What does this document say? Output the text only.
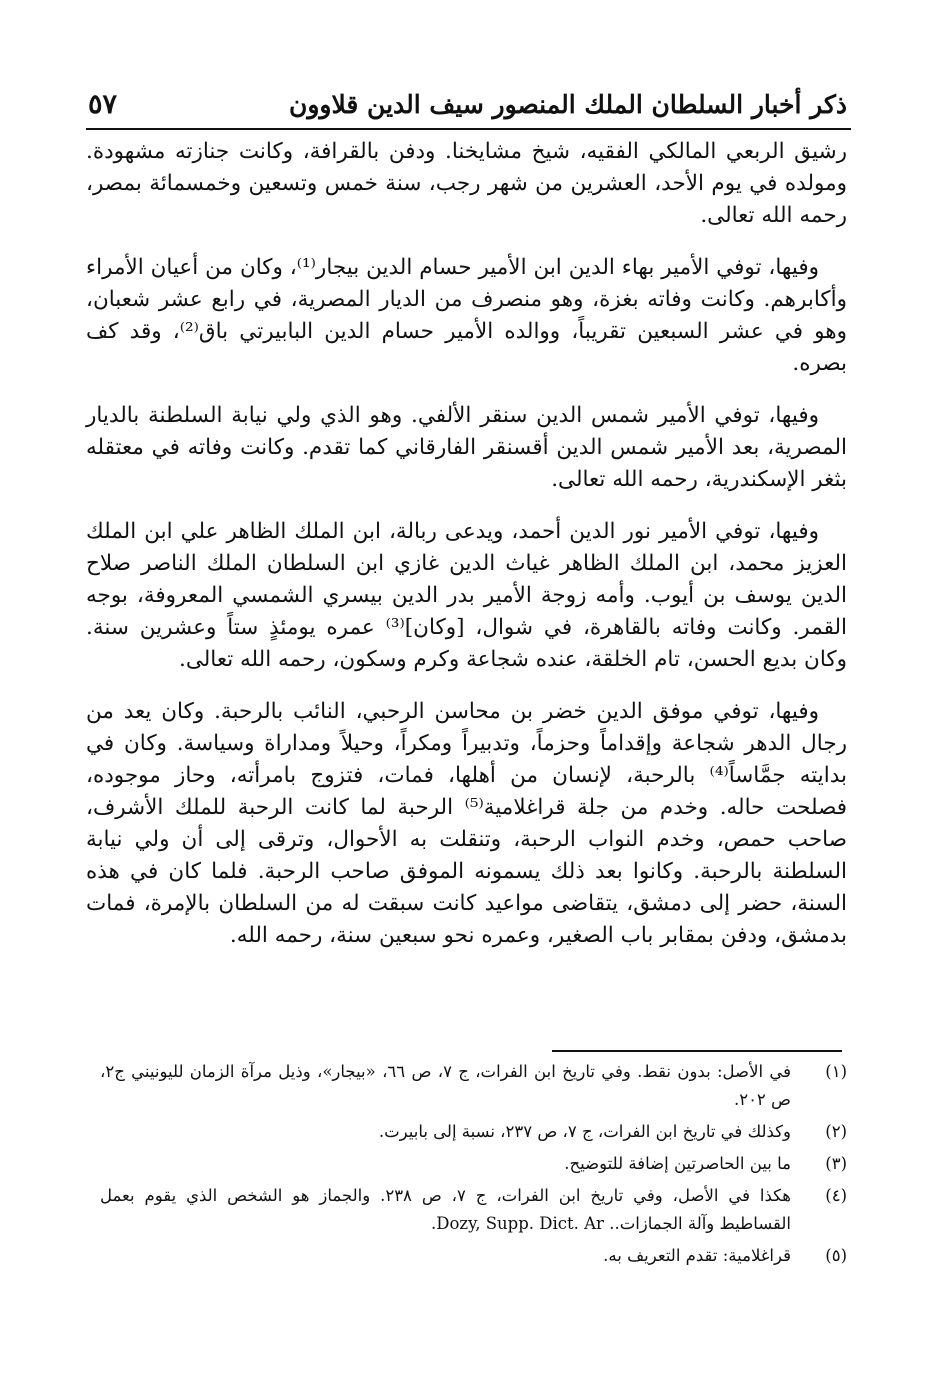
ذكر أخبار السلطان الملك المنصور سيف الدين قلاوون
٥٧

رشيق الربعي المالكي الفقيه، شيخ مشايخنا. ودفن بالقرافة، وكانت جنازته مشهودة. ومولده في يوم الأحد، العشرين من شهر رجب، سنة خمس وتسعين وخمسمائة بمصر، رحمه الله تعالى.

وفيها، توفي الأمير بهاء الدين ابن الأمير حسام الدين بيجار⁽¹⁾، وكان من أعيان الأمراء وأكابرهم. وكانت وفاته بغزة، وهو منصرف من الديار المصرية، في رابع عشر شعبان، وهو في عشر السبعين تقريباً، ووالده الأمير حسام الدين البابيرتي باق⁽²⁾، وقد كف بصره.

وفيها، توفي الأمير شمس الدين سنقر الألفي. وهو الذي ولي نيابة السلطنة بالديار المصرية، بعد الأمير شمس الدين أقسنقر الفارقاني كما تقدم. وكانت وفاته في معتقله بثغر الإسكندرية، رحمه الله تعالى.

وفيها، توفي الأمير نور الدين أحمد، ويدعى ربالة، ابن الملك الظاهر علي ابن الملك العزيز محمد، ابن الملك الظاهر غياث الدين غازي ابن السلطان الملك الناصر صلاح الدين يوسف بن أيوب. وأمه زوجة الأمير بدر الدين بيسري الشمسي المعروفة، بوجه القمر. وكانت وفاته بالقاهرة، في شوال، [وكان]⁽³⁾ عمره يومئذٍ ستاً وعشرين سنة. وكان بديع الحسن، تام الخلقة، عنده شجاعة وكرم وسكون، رحمه الله تعالى.

وفيها، توفي موفق الدين خضر بن محاسن الرحبي، النائب بالرحبة. وكان يعد من رجال الدهر شجاعة وإقداماً وحزماً، وتدبيراً ومكراً، وحيلاً ومداراة وسياسة. وكان في بدايته جمَّاساً⁽⁴⁾ بالرحبة، لإنسان من أهلها، فمات، فتزوج بامرأته، وحاز موجوده، فصلحت حاله. وخدم من جلة قراغلامية⁽⁵⁾ الرحبة لما كانت الرحبة للملك الأشرف، صاحب حمص، وخدم النواب الرحبة، وتنقلت به الأحوال، وترقى إلى أن ولي نيابة السلطنة بالرحبة. وكانوا بعد ذلك يسمونه الموفق صاحب الرحبة. فلما كان في هذه السنة، حضر إلى دمشق، يتقاضى مواعيد كانت سبقت له من السلطان بالإمرة، فمات بدمشق، ودفن بمقابر باب الصغير، وعمره نحو سبعين سنة، رحمه الله.

(١)
في الأصل: بدون نقط. وفي تاريخ ابن الفرات، ج ٧، ص ٦٦، «بيجار»، وذيل مرآة الزمان لليونيني ج٢، ص ٢٠٢.
(٢)
وكذلك في تاريخ ابن الفرات، ج ٧، ص ٢٣٧، نسبة إلى بابيرت.
(٣)
ما بين الحاصرتين إضافة للتوضيح.
(٤)
هكذا في الأصل، وفي تاريخ ابن الفرات، ج ٧، ص ٢٣٨. والجماز هو الشخص الذي يقوم بعمل القساطيط وآلة الجمازات.. Dozy, Supp. Dict. Ar.
(٥)
قراغلامية: تقدم التعريف به.
